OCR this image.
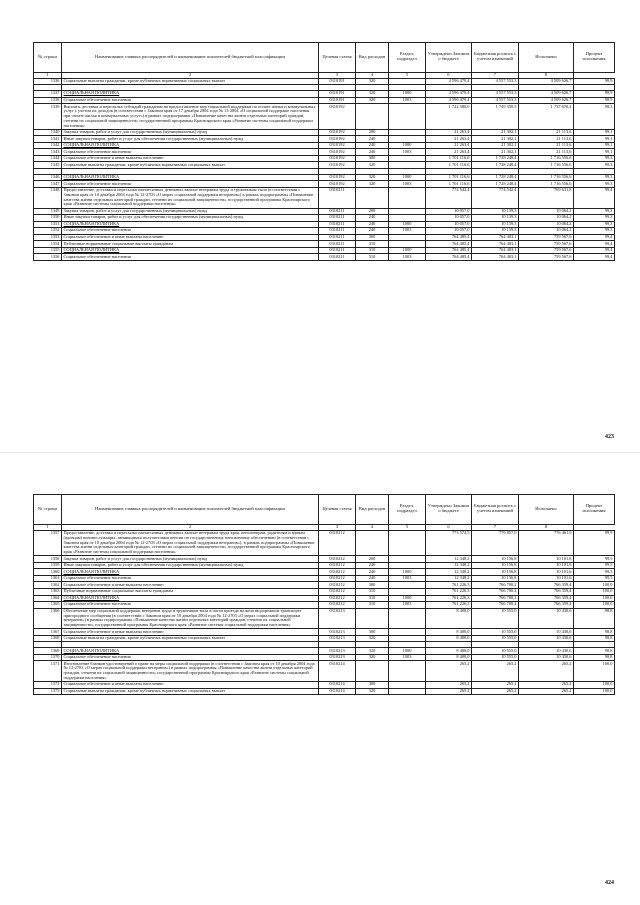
№ строки	Наименование главных распорядителей и наименование показателей бюджетной классификации	Целевая статья	Вид расходов	Раздел, подраздел	Утверждено Законом о бюджете	Бюджетная роспись с учетом изменений	Исполнено	Процент исполнения
1	2	3	4	5	6	7	8
1336	Социальные выплаты гражданам, кроме публичных нормативных социальных выплат	0310191	320		4 596 479,4	4 557 553,3	4 509 626,7	98,9

1337	СОЦИАЛЬНАЯ ПОЛИТИКА	0310191	320	1000	4 596 479,4	4 557 553,3	4 509 626,7	98,9
1338	Социальное обеспечение населения	0310191	320	1003	4 596 479,4	4 557 553,3	4 509 626,7	98,9
1339	Выплата, доставка и пересылка субсидий гражданам на предоставление мер социальной поддержки по оплате жилья и коммунальных услуг с учетом их доходов (в соответствии с Законом края от 17 декабря 2004 года № 13-2804 «О социальной поддержке населения при оплате жилья и коммунальных услуг») в рамках подпрограммы «Повышение качества жизни отдельных категорий граждан, степени их социальной защищенности» государственной программы Красноярского края «Развитие системы социальной поддержки населения»	0310192			1 722 380,0	1 749 350,5	1 737 670,2	99,3
1340	Закупка товаров, работ и услуг для государственных (муниципальных) нужд	0310192	200		21 263,4	21 302,1	21 113,6	99,1
1341	Иные закупки товаров, работ и услуг для обеспечения государственных (муниципальных) нужд	0310192	240		21 263,4	21 302,1	21 113,6	99,1
1342	СОЦИАЛЬНАЯ ПОЛИТИКА	0310192	240	1000	21 263,4	21 302,1	21 113,6	99,1
1343	Социальное обеспечение населения	0310192	240	1003	21 263,4	21 302,1	21 113,6	99,1
1344	Социальное обеспечение и иные выплаты населению	0310192	300		1 701 116,6	1 728 248,4	1 716 556,6	99,3
1345	Социальные выплаты гражданам, кроме публичных нормативных социальных выплат	0310192	320		1 701 116,6	1 728 248,4	1 716 556,6	99,3

1346	СОЦИАЛЬНАЯ ПОЛИТИКА	0310192	320	1000	1 701 116,6	1 728 248,4	1 716 556,6	99,3
1347	Социальное обеспечение населения	0310192	320	1003	1 701 116,6	1 728 248,4	1 716 556,6	99,3
1348	Предоставление, доставка и пересылка ежемесячных денежных выплат ветеранам труда и труженикам тыла (в соответствии с Законом края от 10 декабря 2004 года № 12-2703 «О мерах социальной поддержки ветеранов») в рамках подпрограммы «Повышение качества жизни отдельных категорий граждан, степени их социальной защищенности» государственной программы Красноярского края «Развитие системы социальной поддержки населения»	0310211			774 542,4	774 542,4	769 631,8	99,4
1349	Закупка товаров, работ и услуг для государственных (муниципальных) нужд	0310211	200		10 057,0	10 139,3	10 064,2	99,3
1350	Иные закупки товаров, работ и услуг для обеспечения государственных (муниципальных) нужд	0310211	240		10 057,0	10 139,3	10 064,2	99,3
1351	СОЦИАЛЬНАЯ ПОЛИТИКА	0310211	240	1000	10 057,0	10 139,3	10 064,2	99,3
1352	Социальное обеспечение населения	0310211	240	1003	10 057,0	10 139,3	10 064,2	99,3
1353	Социальное обеспечение и иные выплаты населению	0310211	300		764 485,4	764 403,1	759 567,6	99,4
1354	Публичные нормативные социальные выплаты гражданам	0310211	310		764 485,4	764 403,1	759 567,6	99,4
1355	СОЦИАЛЬНАЯ ПОЛИТИКА	0310211	310	1000	764 485,4	764 403,1	759 567,6	99,4
1356	Социальное обеспечение населения	0310211	310	1003	764 485,4	764 403,1	759 567,6	99,4
423
№ строки	Наименование главных распорядителей и наименование показателей бюджетной классификации	Целевая статья	Вид расходов	Раздел, подраздел	Утверждено Законом о бюджете	Бюджетная роспись с учетом изменений	Исполнено	Процент исполнения
1	2	3	4	5	6	7	8
1357	Предоставление, доставка и пересылка ежемесячных денежных выплат ветеранам труда края, пенсионерам, родителям и вдовам (вдовцам) военнослужащих, являющимся получателями пенсии по государственному пенсионному обеспечению (в соответствии с Законом края от 10 декабря 2004 года № 12-2703 «О мерах социальной поддержки ветеранов»), в рамках подпрограммы «Повышение качества жизни отдельных категорий граждан, степени их социальной защищенности» государственной программы Красноярского края «Развитие системы социальной поддержки населения»	0310212			773 574,5	776 857,0	776 461,0	99,9
1358	Закупка товаров, работ и услуг для государственных (муниципальных) нужд	0310212	200		12 348,2	10 156,8	10 101,6	99,5
1359	Иные закупки товаров, работ и услуг для обеспечения государственных (муниципальных) нужд	0310212	240		12 348,2	10 156,8	10 101,6	99,5
1360	СОЦИАЛЬНАЯ ПОЛИТИКА	0310212	240	1000	12 348,2	10 156,8	10 101,6	99,5
1361	Социальное обеспечение населения	0310212	240	1003	12 348,2	10 156,8	10 101,6	99,5
1362	Социальное обеспечение и иные выплаты населению	0310212	300		761 226,3	766 700,2	766 359,4	100,0
1363	Публичные нормативные социальные выплаты гражданам	0310212	310		761 226,3	766 700,2	766 359,4	100,0
1364	СОЦИАЛЬНАЯ ПОЛИТИКА	0310212	310	1000	761 226,3	766 700,2	766 359,4	100,0
1365	Социальное обеспечение населения	0310212	310	1003	761 226,3	766 700,2	766 359,4	100,0
1366	Обеспечение мер социальной поддержки ветеранов труда и тружеников тыла в части проезда на железнодорожном транспорте пригородного сообщения (в соответствии с Законом края от 10 декабря 2004 года № 12-2703 «О мерах социальной поддержки ветеранов») в рамках подпрограммы «Повышение качества жизни отдельных категорий граждан, степени их социальной защищенности» государственной программы Красноярского края «Развитие системы социальной поддержки населения»	0310213			8 400,0	10 555,0	10 430,6	98,8
1367	Социальное обеспечение и иные выплаты населению	0310213	300		8 400,0	10 555,0	10 430,6	98,8
1368	Социальные выплаты гражданам, кроме публичных нормативных социальных выплат	0310213	320		8 400,0	10 555,0	10 430,6	98,8

1369	СОЦИАЛЬНАЯ ПОЛИТИКА	0310213	320	1000	8 400,0	10 555,0	10 430,6	98,8
1370	Социальное обеспечение населения	0310213	320	1003	8 400,0	10 555,0	10 430,6	98,8
1371	Изготовление бланков удостоверений о праве на меры социальной поддержки (в соответствии с Законом края от 10 декабря 2004 года № 12-2703 «О мерах социальной поддержки ветеранов») в рамках подпрограммы «Повышение качества жизни отдельных категорий граждан, степени их социальной защищенности» государственной программы Красноярского края «Развитие системы социальной поддержки населения»	0310214			265,2	265,2	265,2	100,0
1372	Социальное обеспечение и иные выплаты населению	0310214	300		265,2	265,2	265,2	100,0
1373	Социальные выплаты гражданам, кроме публичных нормативных социальных выплат	0310214	320		265,2	265,2	265,2	100,0
424
